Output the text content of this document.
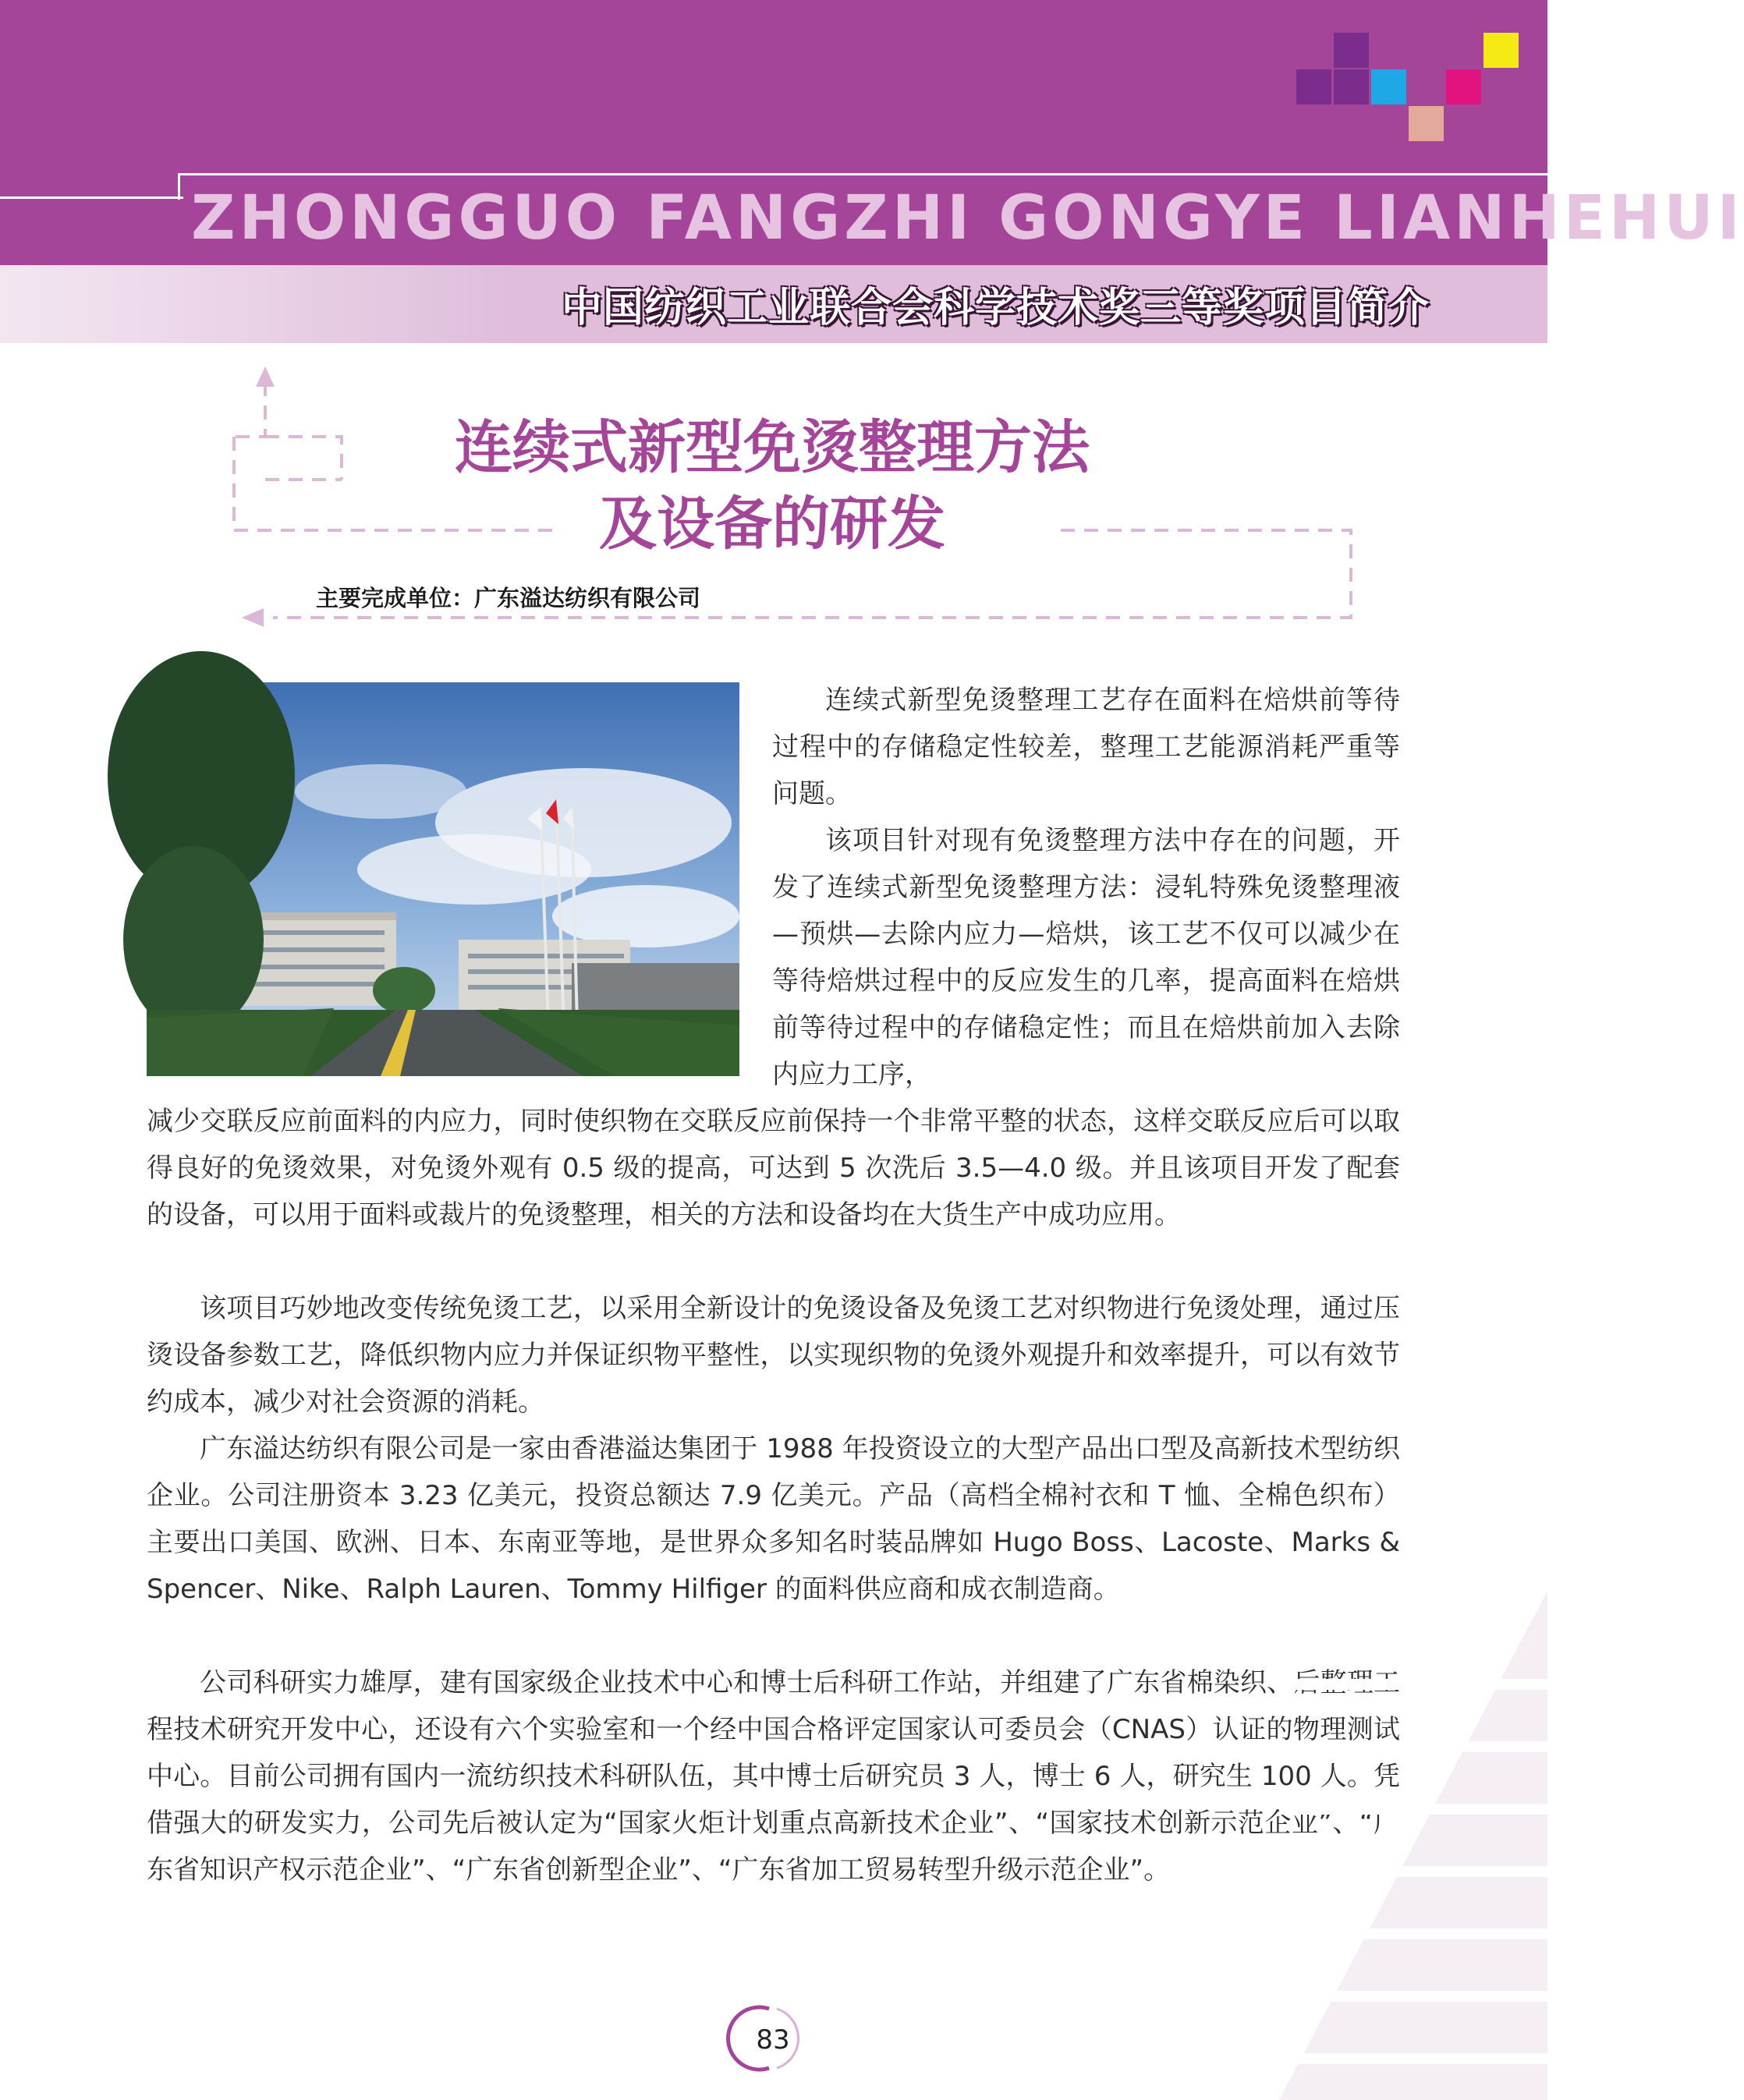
ZHONGGUO FANGZHI GONGYE LIANHEHUI
中国纺织工业联合会科学技术奖三等奖项目简介
连续式新型免烫整理方法
及设备的研发
主要完成单位：广东溢达纺织有限公司

连续式新型免烫整理工艺存在面料在焙烘前等待过程中的存储稳定性较差，整理工艺能源消耗严重等问题。

该项目针对现有免烫整理方法中存在的问题，开发了连续式新型免烫整理方法：浸轧特殊免烫整理液—预烘—去除内应力—焙烘，该工艺不仅可以减少在等待焙烘过程中的反应发生的几率，提高面料在焙烘前等待过程中的存储稳定性；而且在焙烘前加入去除内应力工序，

减少交联反应前面料的内应力，同时使织物在交联反应前保持一个非常平整的状态，这样交联反应后可以取得良好的免烫效果，对免烫外观有 0.5 级的提高，可达到 5 次洗后 3.5—4.0 级。并且该项目开发了配套的设备，可以用于面料或裁片的免烫整理，相关的方法和设备均在大货生产中成功应用。

该项目巧妙地改变传统免烫工艺，以采用全新设计的免烫设备及免烫工艺对织物进行免烫处理，通过压烫设备参数工艺，降低织物内应力并保证织物平整性，以实现织物的免烫外观提升和效率提升，可以有效节约成本，减少对社会资源的消耗。

广东溢达纺织有限公司是一家由香港溢达集团于 1988 年投资设立的大型产品出口型及高新技术型纺织企业。公司注册资本 3.23 亿美元，投资总额达 7.9 亿美元。产品（高档全棉衬衣和 T 恤、全棉色织布）主要出口美国、欧洲、日本、东南亚等地，是世界众多知名时装品牌如 Hugo Boss、Lacoste、Marks & Spencer、Nike、Ralph Lauren、Tommy Hilfiger 的面料供应商和成衣制造商。

公司科研实力雄厚，建有国家级企业技术中心和博士后科研工作站，并组建了广东省棉染织、后整理工程技术研究开发中心，还设有六个实验室和一个经中国合格评定国家认可委员会（CNAS）认证的物理测试中心。目前公司拥有国内一流纺织技术科研队伍，其中博士后研究员 3 人，博士 6 人，研究生 100 人。凭借强大的研发实力，公司先后被认定为“国家火炬计划重点高新技术企业”、“国家技术创新示范企业”、“广东省知识产权示范企业”、“广东省创新型企业”、“广东省加工贸易转型升级示范企业”。

83
